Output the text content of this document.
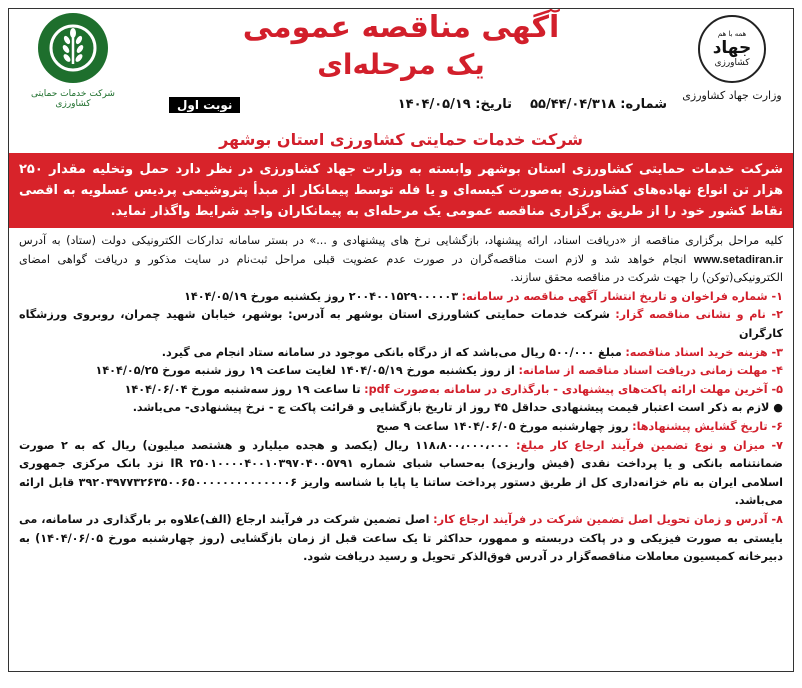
همه با هم
جهاد
کشاورزی
وزارت جهاد کشاورزی
آگهی مناقصه عمومی
یک مرحله‌ای
شماره: ۵۵/۴۴/۰۴/۳۱۸    تاریخ: ۱۴۰۴/۰۵/۱۹
نوبت اول
شرکت خدمات حمایتی کشاورزی
شرکت خدمات حمایتی کشاورزی استان بوشهر
شرکت خدمات حمایتی کشاورزی استان بوشهر وابسته به وزارت جهاد کشاورزی در نظر دارد حمل وتخلیه مقدار ۲۵۰ هزار تن انواع نهاده‌های کشاورزی به‌صورت کیسه‌ای و یا فله توسط پیمانکار از مبدأ پتروشیمی پردیس عسلویه به اقصی نقاط کشور خود را از طریق برگزاری مناقصه عمومی یک مرحله‌ای به پیمانکاران واجد شرایط واگذار نماید.

کلیه مراحل برگزاری مناقصه از «دریافت اسناد، ارائه پیشنهاد، بازگشایی نرخ های پیشنهادی و ...» در بستر سامانه تدارکات الکترونیکی دولت (ستاد) به آدرس www.setadiran.ir انجام خواهد شد و لازم است مناقصه‌گران در صورت عدم عضویت قبلی مراحل ثبت‌نام در سایت مذکور و دریافت گواهی امضای الکترونیکی(توکن) را جهت شرکت در مناقصه محقق سازند.

۱- شماره فراخوان و تاریخ انتشار آگهی مناقصه در سامانه: ۲۰۰۴۰۰۱۵۲۹۰۰۰۰۰۳ روز یکشنبه مورخ ۱۴۰۴/۰۵/۱۹

۲- نام و نشانی مناقصه گزار: شرکت خدمات حمایتی کشاورزی استان بوشهر به آدرس: بوشهر، خیابان شهید چمران، روبروی ورزشگاه کارگران

۳- هزینه خرید اسناد مناقصه: مبلغ ۵۰۰/۰۰۰ ریال می‌باشد که از درگاه بانکی موجود در سامانه ستاد انجام می گیرد.

۴- مهلت زمانی دریافت اسناد مناقصه از سامانه: از روز یکشنبه مورخ ۱۴۰۴/۰۵/۱۹ لغایت ساعت ۱۹ روز شنبه مورخ ۱۴۰۴/۰۵/۲۵

۵- آخرین مهلت ارائه پاکت‌های پیشنهادی - بارگذاری در سامانه به‌صورت pdf: تا ساعت ۱۹ روز سه‌شنبه مورخ ۱۴۰۴/۰۶/۰۴

● لازم به ذکر است اعتبار قیمت پیشنهادی حداقل ۴۵ روز از تاریخ بازگشایی و قرائت پاکت ج - نرخ پیشنهادی- می‌باشد.

۶- تاریخ گشایش پیشنهادها: روز چهارشنبه مورخ ۱۴۰۴/۰۶/۰۵ ساعت ۹ صبح

۷- میزان و نوع تضمین فرآیند ارجاع کار مبلغ: ۱۱۸،۸۰۰،۰۰۰،۰۰۰ ریال (یکصد و هجده میلیارد و هشتصد میلیون) ریال که به ۲ صورت ضمانتنامه بانکی و یا پرداخت نقدی (فیش واریزی) به‌حساب شبای شماره IR ۲۵۰۱۰۰۰۰۴۰۰۱۰۳۹۷۰۴۰۰۵۷۹۱ نزد بانک مرکزی جمهوری اسلامی ایران به نام خزانه‌داری کل از طریق دستور پرداخت ساتنا یا پایا با شناسه واریز ۳۹۲۰۳۹۷۷۳۲۶۳۵۰۰۶۵۰۰۰۰۰۰۰۰۰۰۰۰۰۰۶ قابل ارائه می‌باشد.

۸- آدرس و زمان تحویل اصل تضمین شرکت در فرآیند ارجاع کار: اصل تضمین شرکت در فرآیند ارجاع (الف)علاوه بر بارگذاری در سامانه، می بایستی به صورت فیزیکی و در پاکت دربسته و ممهور، حداکثر تا یک ساعت قبل از زمان بازگشایی (روز چهارشنبه مورخ ۱۴۰۴/۰۶/۰۵) به دبیرخانه کمیسیون معاملات مناقصه‌گزار در آدرس فوق‌الذکر تحویل و رسید دریافت شود.
